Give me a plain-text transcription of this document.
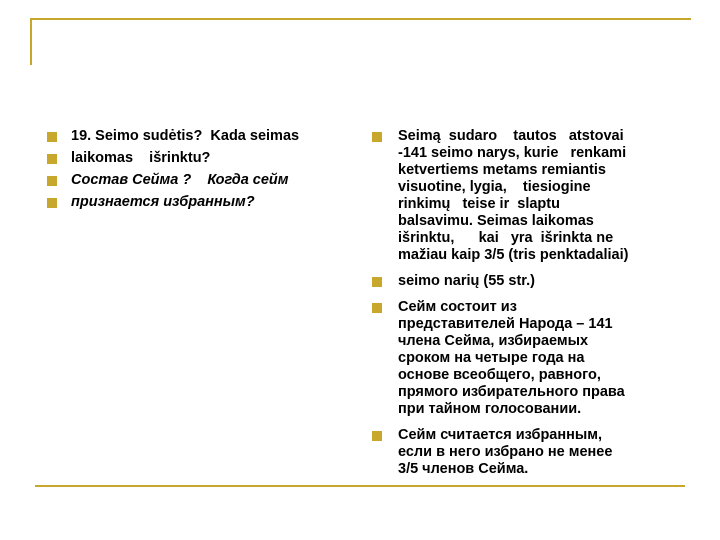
19. Seimo sudėtis?  Kada seimas
laikomas    išrinktu?
Состав Сейма ?    Когда сейм
признается избранным?
Seimą  sudaro    tautos   atstovai
-141 seimo narys, kurie   renkami
ketvertiems metams remiantis
visuotine, lygia,    tiesiogine
rinkimų   teise ir  slaptu
balsavimu. Seimas laikomas
išrinktu,      kai   yra  išrinkta ne
mažiau kaip 3/5 (tris penktadaliai)
seimo narių (55 str.)
Сейм состоит из
представителей Народа – 141
члена Сейма, избираемых
сроком на четыре года на
основе всеобщего, равного,
прямого избирательного права
при тайном голосовании.
Сейм считается избранным,
если в него избрано не менее
3/5 членов Сейма.
